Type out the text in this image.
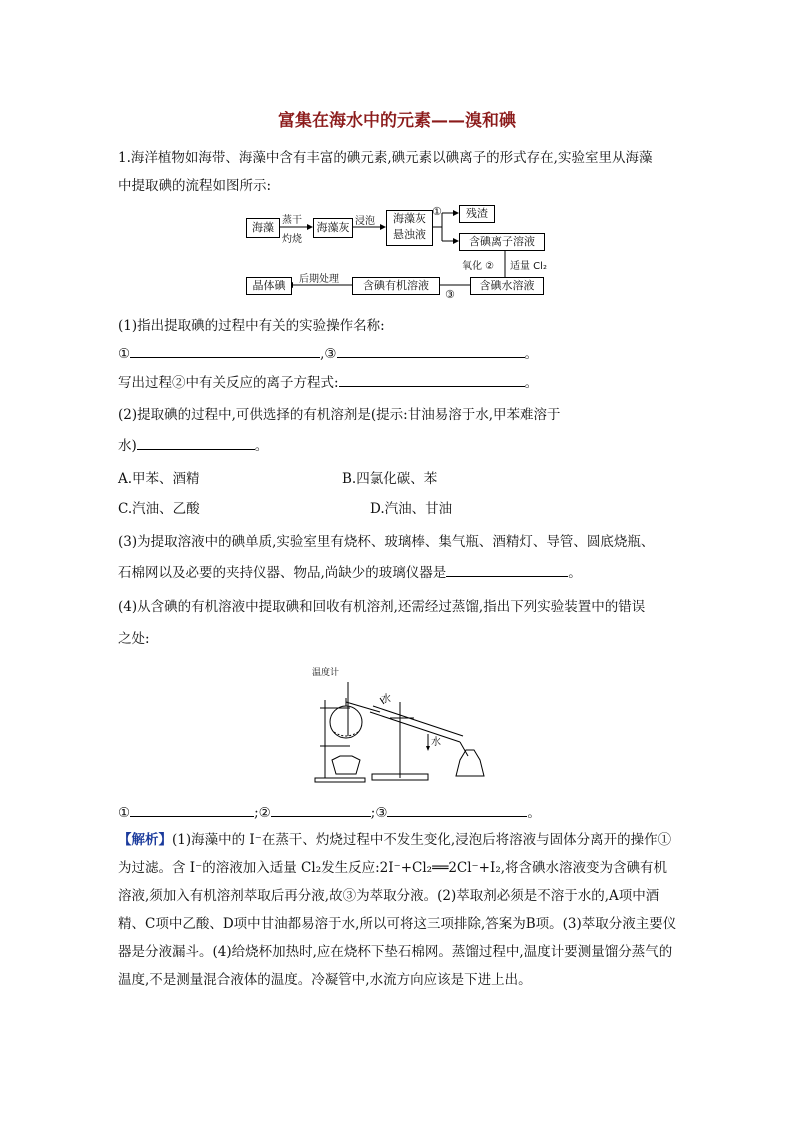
富集在海水中的元素——溴和碘
1.海洋植物如海带、海藻中含有丰富的碘元素,碘元素以碘离子的形式存在,实验室里从海藻
中提取碘的流程如图所示:
海藻	海藻灰
海藻灰
悬浊液
残渣
含碘离子溶液
含碘水溶液
含碘有机溶液
晶体碘
蒸干
灼烧
浸泡
①
氧化 ② 适量 Cl₂
③
后期处理
(1)指出提取碘的过程中有关的实验操作名称:
①	,③	。
写出过程②中有关反应的离子方程式:	。
(2)提取碘的过程中,可供选择的有机溶剂是(提示:甘油易溶于水,甲苯难溶于
水)	。
A.甲苯、酒精	B.四氯化碳、苯
C.汽油、乙酸	D.汽油、甘油
(3)为提取溶液中的碘单质,实验室里有烧杯、玻璃棒、集气瓶、酒精灯、导管、圆底烧瓶、
石棉网以及必要的夹持仪器、物品,尚缺少的玻璃仪器是	。
(4)从含碘的有机溶液中提取碘和回收有机溶剂,还需经过蒸馏,指出下列实验装置中的错误
之处:
温度计
水
水
①	;②	;③	。
【解析】(1)海藻中的 I⁻在蒸干、灼烧过程中不发生变化,浸泡后将溶液与固体分离开的操作①为过滤。含 I⁻的溶液加入适量 Cl₂发生反应:2I⁻+Cl₂══2Cl⁻+I₂,将含碘水溶液变为含碘有机溶液,须加入有机溶剂萃取后再分液,故③为萃取分液。(2)萃取剂必须是不溶于水的,A项中酒精、C项中乙酸、D项中甘油都易溶于水,所以可将这三项排除,答案为B项。(3)萃取分液主要仪器是分液漏斗。(4)给烧杯加热时,应在烧杯下垫石棉网。蒸馏过程中,温度计要测量馏分蒸气的温度,不是测量混合液体的温度。冷凝管中,水流方向应该是下进上出。
